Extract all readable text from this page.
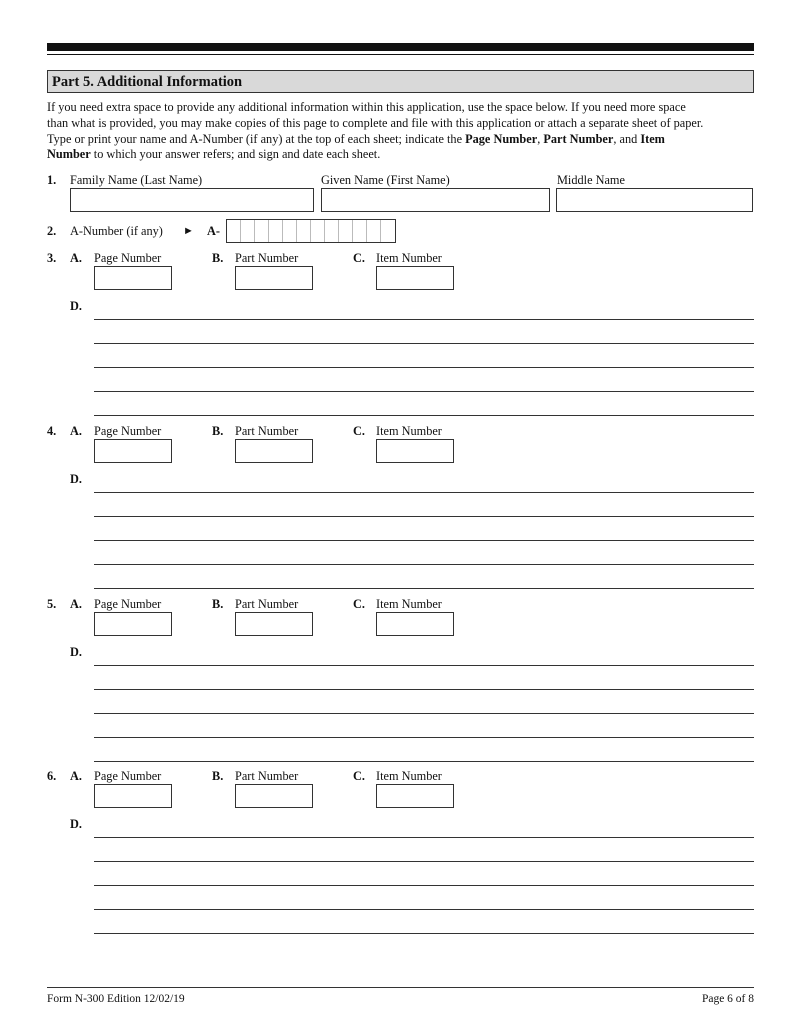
Part 5. Additional Information
If you need extra space to provide any additional information within this application, use the space below. If you need more space
than what is provided, you may make copies of this page to complete and file with this application or attach a separate sheet of paper.
Type or print your name and A-Number (if any) at the top of each sheet; indicate the Page Number, Part Number, and Item
Number to which your answer refers; and sign and date each sheet.
1. Family Name (Last Name)	Given Name (First Name)	Middle Name
2. A-Number (if any) ► A-
3. A. Page Number	B. Part Number	C. Item Number
D.
4. A. Page Number	B. Part Number	C. Item Number
D.
5. A. Page Number	B. Part Number	C. Item Number
D.
6. A. Page Number	B. Part Number	C. Item Number
D.
Form N-300 Edition 12/02/19	Page 6 of 8
